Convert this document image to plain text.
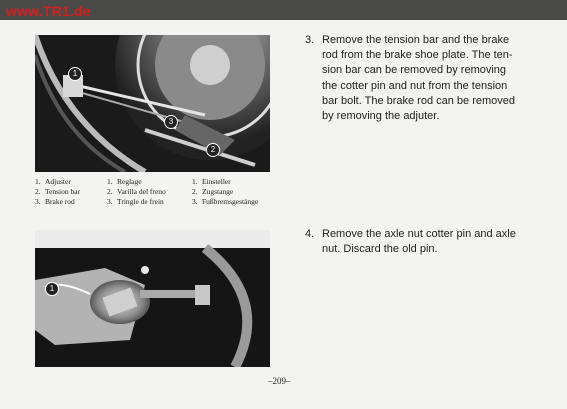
www.TR1.de
1
3
2
1. Adjuster
2. Tension bar
3. Brake rod
1. Reglage
2. Varilla del freno
3. Tringle de frein
1. Einsteller
2. Zugstange
3. Fußbremsgestänge
1
3. Remove the tension bar and the brake
rod from the brake shoe plate. The ten-
sion bar can be removed by removing
the cotter pin and nut from the tension
bar bolt. The brake rod can be removed
by removing the adjuter.
4. Remove the axle nut cotter pin and axle
nut. Discard the old pin.
–209–
